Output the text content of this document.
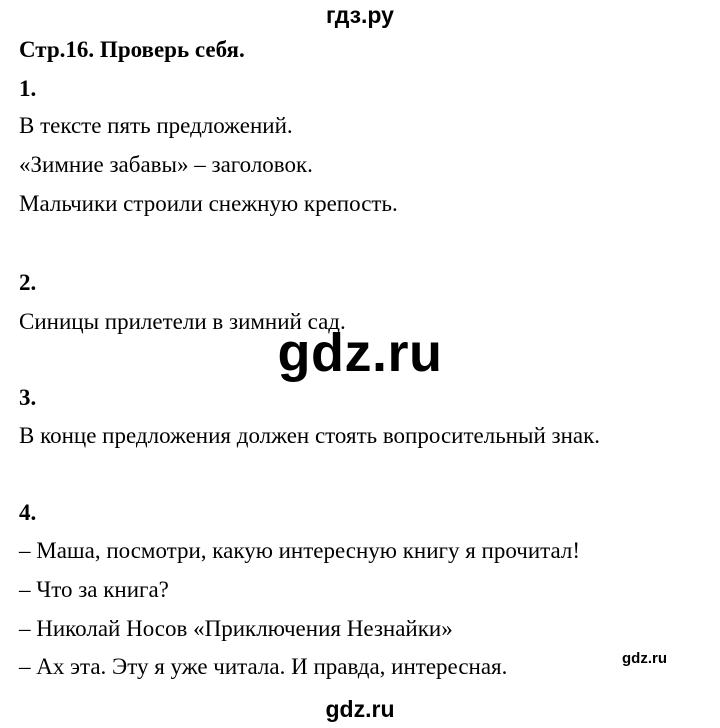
гдз.ру
Стр.16. Проверь себя.
1.
В тексте пять предложений.
«Зимние забавы» – заголовок.
Мальчики строили снежную крепость.
2.
Синицы прилетели в зимний сад.
gdz.ru
3.
В конце предложения должен стоять вопросительный знак.
4.
– Маша, посмотри, какую интересную книгу я прочитал!
– Что за книга?
– Николай Носов «Приключения Незнайки»
– Ах эта. Эту я уже читала. И правда, интересная.	gdz.ru
gdz.ru
